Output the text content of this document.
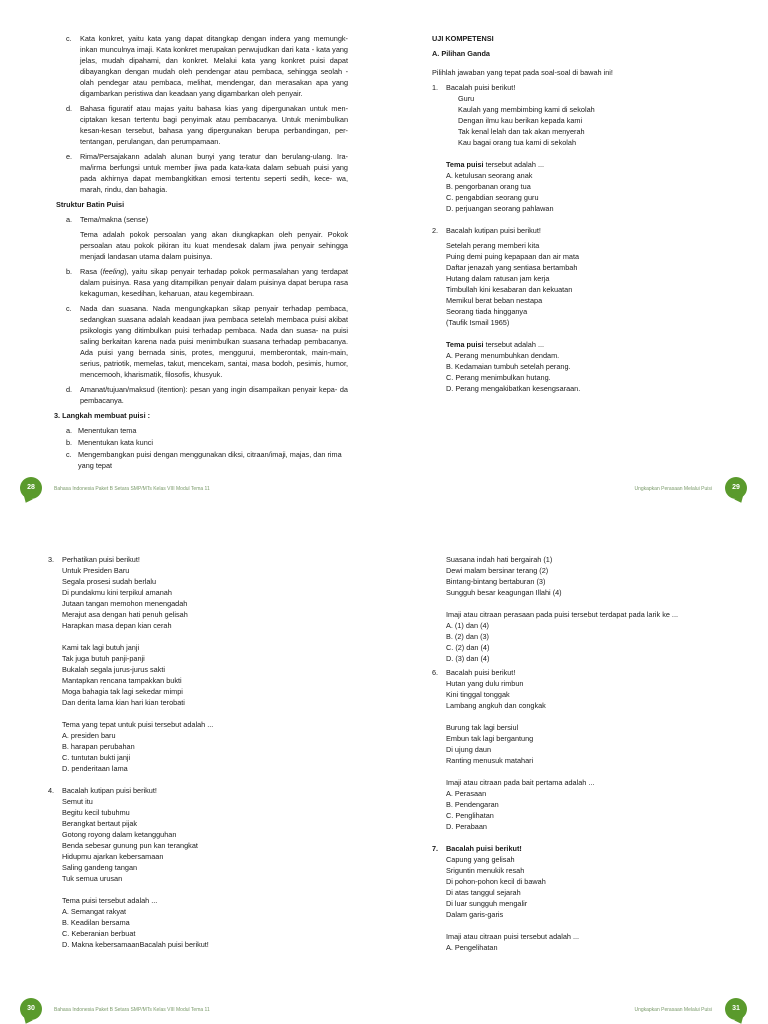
c. Kata konkret, yaitu kata yang dapat ditangkap dengan indera yang memungk- inkan munculnya imaji. Kata konkret merupakan perwujudkan dari kata - kata yang jelas, mudah dipahami, dan konkret. Melalui kata yang konkret puisi dapat dibayangkan dengan mudah oleh pendengar atau pembaca, sehingga seolah - olah pendegar atau pembaca, melihat, mendengar, dan merasakan apa yang digambarkan peristiwa dan keadaan yang digambarkan oleh penyair.

d. Bahasa figuratif atau majas yaitu bahasa kias yang dipergunakan untuk men- ciptakan kesan tertentu bagi penyimak atau pembacanya. Untuk menimbulkan kesan-kesan tersebut, bahasa yang dipergunakan berupa perbandingan, per- tentangan, perulangan, dan perumpamaan.

e. Rima/Persajakann adalah alunan bunyi yang teratur dan berulang-ulang. Ira- ma/irma berfungsi untuk member jiwa pada kata-kata dalam sebuah puisi yang pada akhirnya dapat membangkitkan emosi tertentu seperti sedih, kece- wa, marah, rindu, dan bahagia.

Struktur Batin Puisi

a. Tema/makna (sense)

Tema adalah pokok persoalan yang akan diungkapkan oleh penyair. Pokok persoalan atau pokok pikiran itu kuat mendesak dalam jiwa penyair sehingga menjadi landasan utama dalam puisinya.

b. Rasa (feeling), yaitu sikap penyair terhadap pokok permasalahan yang terdapat dalam puisinya. Rasa yang ditampilkan penyair dalam puisinya dapat berupa rasa kekaguman, kesedihan, keharuan, atau kegembiraan.

c. Nada dan suasana. Nada mengungkapkan sikap penyair terhadap pembaca, sedangkan suasana adalah keadaan jiwa pembaca setelah membaca puisi akibat psikologis yang ditimbulkan puisi terhadap pembaca. Nada dan suasa- na puisi saling berkaitan karena nada puisi menimbulkan suasana terhadap pembacanya. Ada puisi yang bernada sinis, protes, menggurui, memberontak, main-main, serius, patriotik, memelas, takut, mencekam, santai, masa bodoh, pesimis, humor, mencemooh, kharismatik, filosofis, khusyuk.

d. Amanat/tujuan/maksud (itention): pesan yang ingin disampaikan penyair kepa- da pembacanya.

3. Langkah membuat puisi :

a. Menentukan tema

b. Menentukan kata kunci

c. Mengembangkan puisi dengan menggunakan diksi, citraan/imaji, majas, dan rima yang tepat

UJI KOMPETENSI

A. Pilihan Ganda

Pilihlah jawaban yang tepat pada soal-soal di bawah ini!

1. Bacalah puisi berikut!

Guru

Kaulah yang membimbing kami di sekolah

Dengan ilmu kau berikan kepada kami

Tak kenal lelah dan tak akan menyerah

Kau bagai orang tua kami di sekolah

Tema puisi tersebut adalah ...

A. ketulusan seorang anak

B. pengorbanan orang tua

C. pengabdian seorang guru

D. perjuangan seorang pahlawan

2. Bacalah kutipan puisi berikut!

Setelah perang memberi kita

Puing demi puing kepapaan dan air mata

Daftar jenazah yang sentiasa bertambah

Hutang dalam ratusan jam kerja

Timbullah kini kesabaran dan kekuatan

Memikul berat beban nestapa

Seorang tiada hingganya

(Taufik Ismail 1965)

Tema puisi tersebut adalah ...

A. Perang menumbuhkan dendam.

B. Kedamaian tumbuh setelah perang.

C. Perang menimbulkan hutang.

D. Perang mengakibatkan kesengsaraan.

28	Bahasa Indonesia Paket B Setara SMP/MTs Kelas VIII Modul Tema 11	Ungkapkan Perasaan Melalui Puisi	29
3. Perhatikan puisi berikut!

Untuk Presiden Baru

Segala prosesi sudah berlalu

Di pundakmu kini terpikul amanah

Jutaan tangan memohon menengadah

Merajut asa dengan hati penuh gelisah

Harapkan masa depan kian cerah

Kami tak lagi butuh janji

Tak juga butuh panji-panji

Bukalah segala jurus-jurus sakti

Mantapkan rencana tampakkan bukti

Moga bahagia tak lagi sekedar mimpi

Dan derita lama kian hari kian terobati

Tema yang tepat untuk puisi tersebut adalah ...

A. presiden baru

B. harapan perubahan

C. tuntutan bukti janji

D. penderitaan lama

4. Bacalah kutipan puisi berikut!

Semut itu

Begitu kecil tubuhmu

Berangkat bertaut pijak

Gotong royong dalam ketangguhan

Benda sebesar gunung pun kan terangkat

Hidupmu ajarkan kebersamaan

Saling gandeng tangan

Tuk semua urusan

Tema puisi tersebut adalah ...

A. Semangat rakyat

B. Keadilan bersama

C. Keberanian berbuat

D. Makna kebersamaanBacalah puisi berikut!

Suasana indah hati bergairah (1)

Dewi malam bersinar terang (2)

Bintang-bintang bertaburan (3)

Sungguh besar keagungan Illahi (4)

Imaji atau citraan perasaan pada puisi tersebut terdapat pada larik ke ...

A. (1) dan (4)

B. (2) dan (3)

C. (2) dan (4)

D. (3) dan (4)

6. Bacalah puisi berikut!

Hutan yang dulu rimbun

Kini tinggal tonggak

Lambang angkuh dan congkak

Burung tak lagi bersiul

Embun tak lagi bergantung

Di ujung daun

Ranting menusuk matahari

Imaji atau citraan pada bait pertama adalah ...

A. Perasaan

B. Pendengaran

C. Penglihatan

D. Perabaan

7. Bacalah puisi berikut!

Capung yang gelisah

Sriguntin menukik resah

Di pohon-pohon kecil di bawah

Di atas tanggul sejarah

Di luar sungguh mengalir

Dalam garis-garis

Imaji atau citraan puisi tersebut adalah ...

A. Pengelihatan

30	Bahasa Indonesia Paket B Setara SMP/MTs Kelas VIII Modul Tema 11	Ungkapkan Perasaan Melalui Puisi	31
